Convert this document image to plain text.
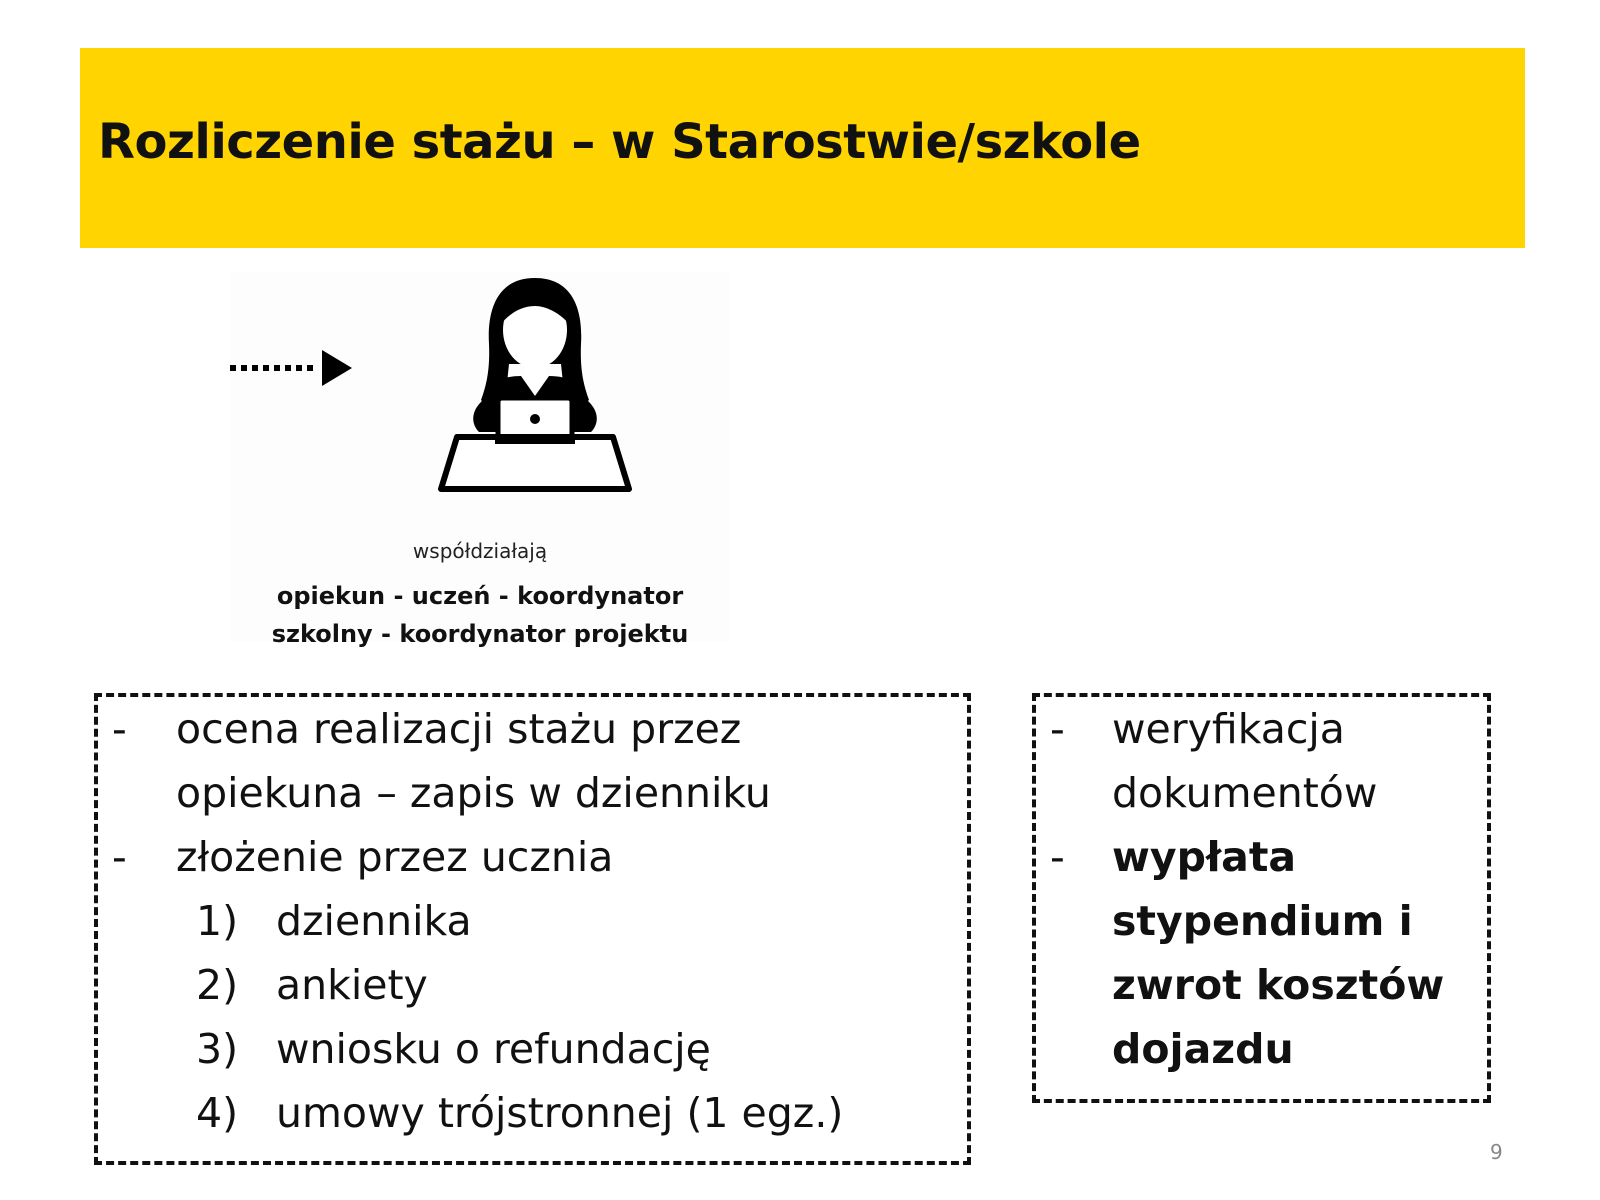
Rozliczenie stażu – w Starostwie/szkole
współdziałają
opiekun - uczeń - koordynator
szkolny - koordynator projektu
- ocena realizacji stażu przez
opiekuna – zapis w dzienniku
- złożenie przez ucznia
1) dziennika
2) ankiety
3) wniosku o refundację
4) umowy trójstronnej (1 egz.)
- weryfikacja
dokumentów
- wypłata
stypendium i
zwrot kosztów
dojazdu
9
